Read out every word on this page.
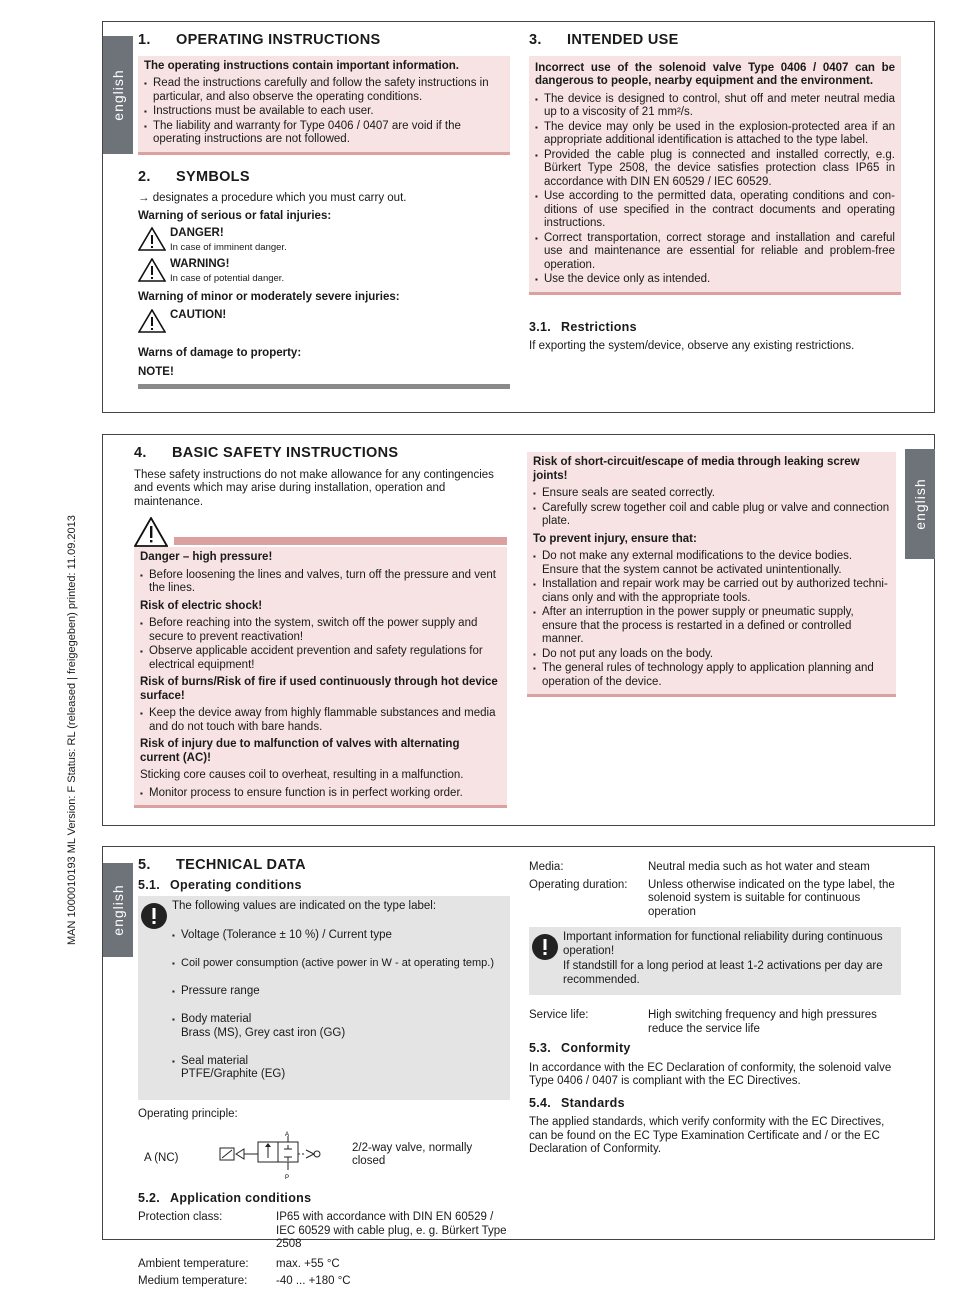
MAN 1000010193 ML Version: F Status: RL (released | freigegeben) printed: 11.09.2013
english
1. OPERATING INSTRUCTIONS

The operating instructions contain important information.

▪ Read the instructions carefully and follow the safety instructions in particular, and also observe the operating conditions.
▪ Instructions must be available to each user.
▪ The liability and warranty for Type 0406 / 0407 are void if the operating instructions are not followed.
2. SYMBOLS

→ designates a procedure which you must carry out.

Warning of serious or fatal injuries:

DANGER!
In case of imminent danger.
WARNING!
In case of potential danger.

Warning of minor or moderately severe injuries:

CAUTION!

Warns of damage to property:

NOTE!

3. INTENDED USE

Incorrect use of the solenoid valve Type 0406 / 0407 can be dangerous to people, nearby equipment and the environment.

▪ The device is designed to control, shut off and meter neutral media up to a viscosity of 21 mm²/s.
▪ The device may only be used in the explosion-protected area if an appropriate additional identification is attached to the type label.
▪ Provided the cable plug is connected and installed correctly, e.g. Bürkert Type 2508, the device satisfies protection class IP65 in accordance with DIN EN 60529 / IEC 60529.
▪ Use according to the permitted data, operating conditions and conditions of use specified in the contract documents and operating instructions.
▪ Correct transportation, correct storage and installation and careful use and maintenance are essential for reliable and problem-free operation.
▪ Use the device only as intended.
3.1. Restrictions

If exporting the system/device, observe any existing restrictions.

english
4. BASIC SAFETY INSTRUCTIONS

These safety instructions do not make allowance for any contingencies and events which may arise during installation, operation and maintenance.

Danger – high pressure!

▪ Before loosening the lines and valves, turn off the pressure and vent the lines.

Risk of electric shock!

▪ Before reaching into the system, switch off the power supply and secure to prevent reactivation!
▪ Observe applicable accident prevention and safety regulations for electrical equipment!

Risk of burns/Risk of fire if used continuously through hot device surface!

▪ Keep the device away from highly flammable substances and media and do not touch with bare hands.

Risk of injury due to malfunction of valves with alternating current (AC)!

Sticking core causes coil to overheat, resulting in a malfunction.

▪ Monitor process to ensure function is in perfect working order.

Risk of short-circuit/escape of media through leaking screw joints!

▪ Ensure seals are seated correctly.
▪ Carefully screw together coil and cable plug or valve and connection plate.

To prevent injury, ensure that:

▪ Do not make any external modifications to the device bodies. Ensure that the system cannot be activated unintentionally.
▪ Installation and repair work may be carried out by authorized technicians only and with the appropriate tools.
▪ After an interruption in the power supply or pneumatic supply, ensure that the process is restarted in a defined or controlled manner.
▪ Do not put any loads on the body.
▪ The general rules of technology apply to application planning and operation of the device.
english
5. TECHNICAL DATA
5.1. Operating conditions

The following values are indicated on the type label:

▪ Voltage (Tolerance ± 10 %) / Current type

▪ Coil power consumption (active power in W - at operating temp.)

▪ Pressure range

▪ Body material
Brass (MS), Grey cast iron (GG)

▪ Seal material
PTFE/Graphite (EG)

Operating principle:

A (NC)
A
P
2/2-way valve, normally closed
5.2. Application conditions
Protection class:	IP65 with accordance with DIN EN 60529 / IEC 60529 with cable plug, e. g. Bürkert Type 2508
Ambient temperature:	max. +55 °C
Medium temperature:	-40 ... +180 °C
Media:	Neutral media such as hot water and steam
Operating duration:	Unless otherwise indicated on the type label, the solenoid system is suitable for continuous operation

Important information for functional reliability during continuous operation!

If standstill for a long period at least 1-2 activations per day are recommended.

Service life:	High switching frequency and high pressures reduce the service life
5.3. Conformity

In accordance with the EC Declaration of conformity, the solenoid valve Type 0406 / 0407 is compliant with the EC Directives.

5.4. Standards

The applied standards, which verify conformity with the EC Directives, can be found on the EC Type Examination Certificate and / or the EC Declaration of Conformity.
